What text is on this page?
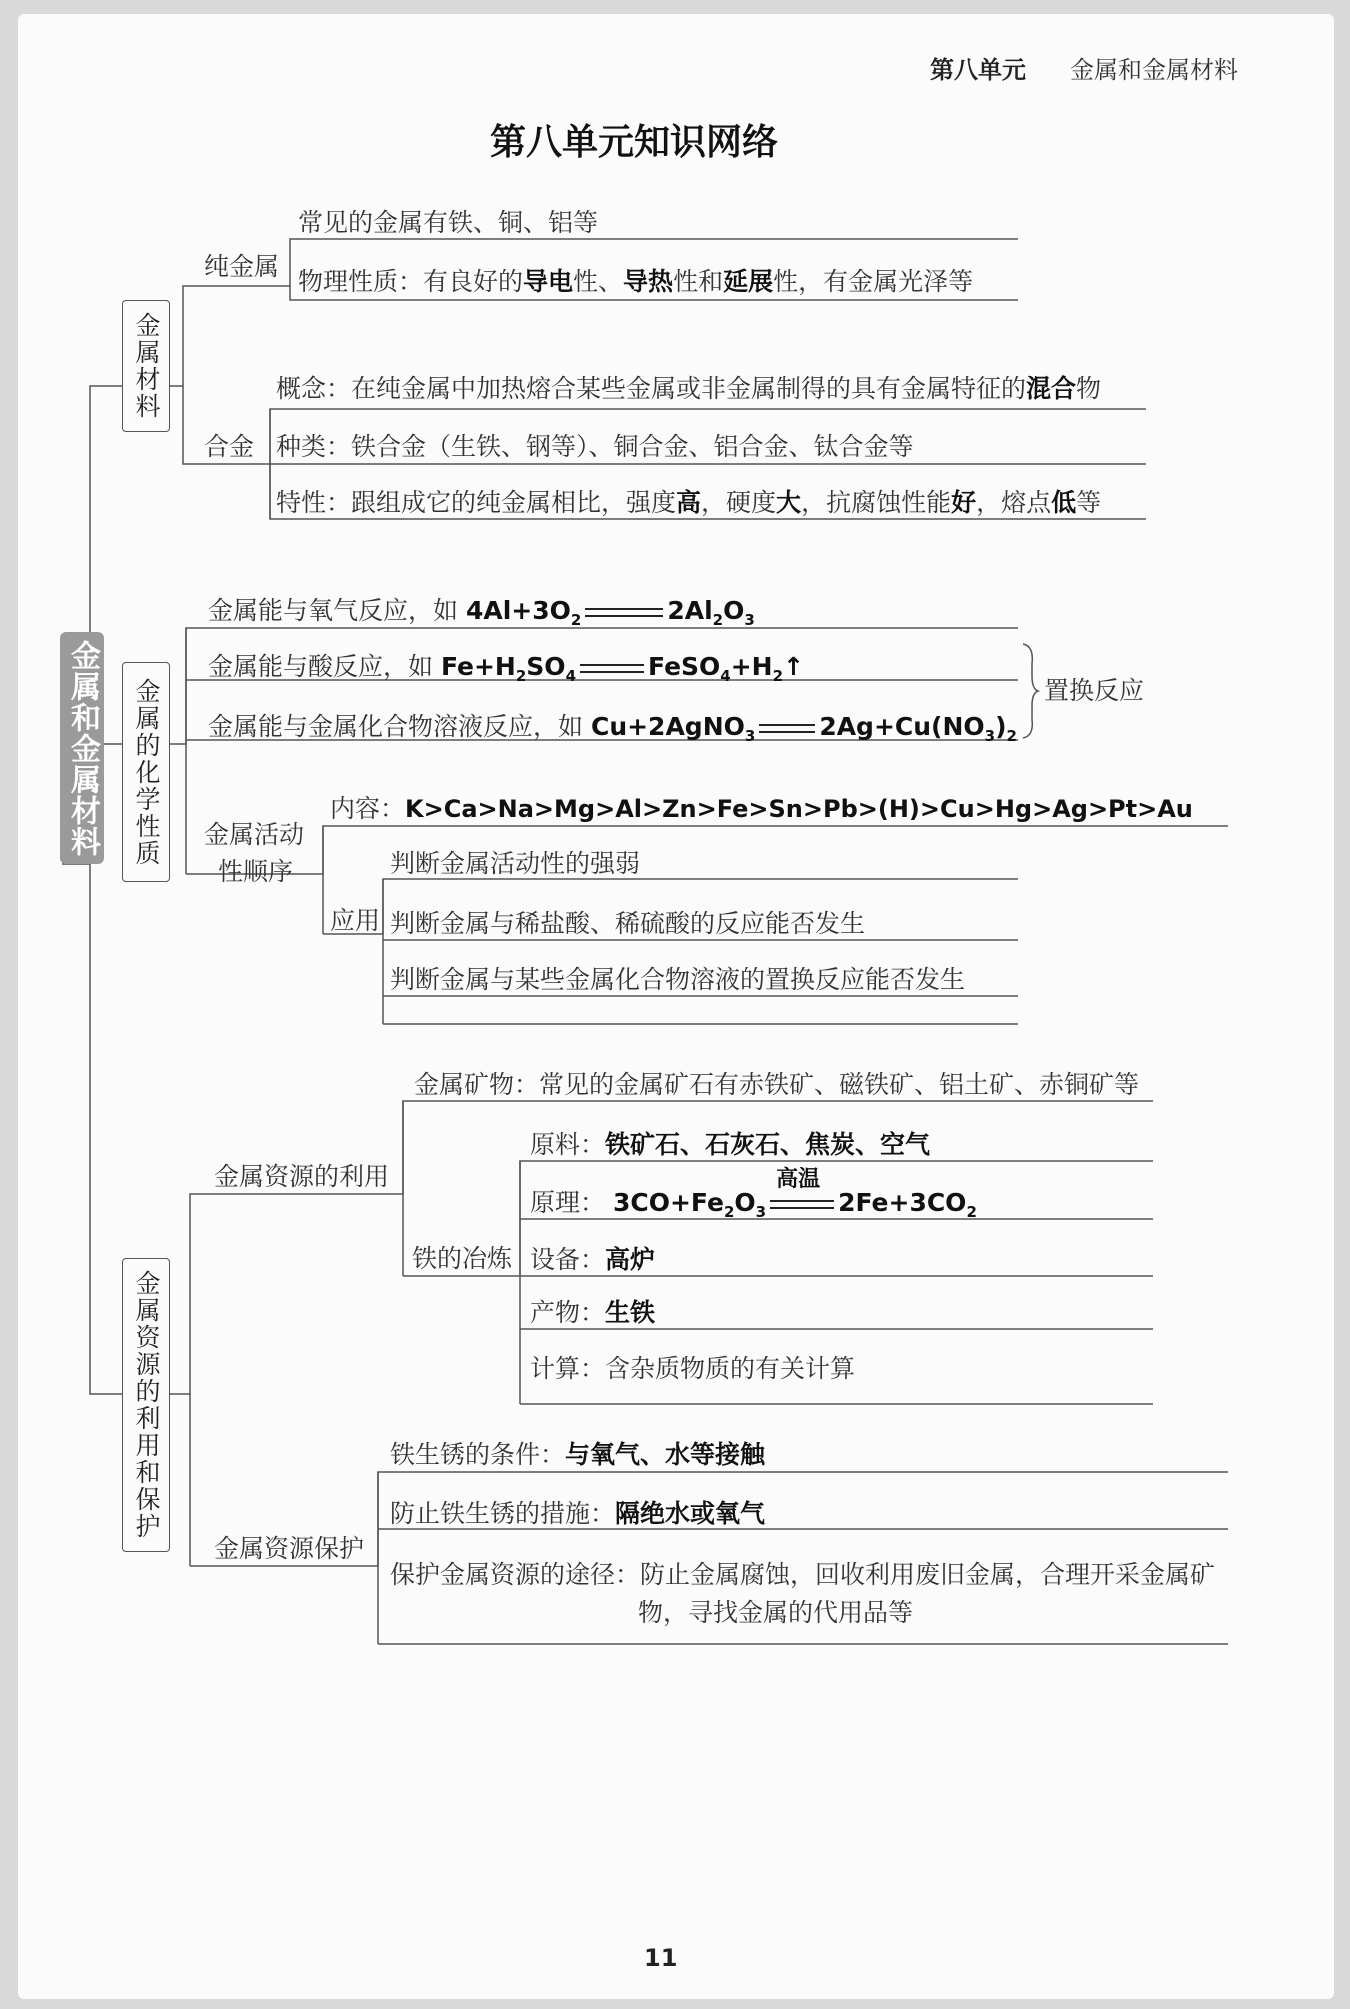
第八单元 金属和金属材料
第八单元知识网络
金属和金属材料
金属材料
纯金属
常见的金属有铁、铜、铝等
物理性质：有良好的导电性、导热性和延展性，有金属光泽等
合金
概念：在纯金属中加热熔合某些金属或非金属制得的具有金属特征的混合物
种类：铁合金（生铁、钢等）、铜合金、铝合金、钛合金等
特性：跟组成它的纯金属相比，强度高，硬度大，抗腐蚀性能好，熔点低等
金属的化学性质
金属能与氧气反应，如 $4Al+3O_2$	$2Al_2O_3$
金属能与酸反应，如 $Fe+H_2SO_4$	$FeSO_4+H_2↑$
金属能与金属化合物溶液反应，如 Cu+2AgNO$_3$	$2Ag+Cu(NO_3)_2$
置换反应
金属活动
性顺序
内容：K>Ca>Na>Mg>Al>Zn>Fe>Sn>Pb>(H)>Cu>Hg>Ag>Pt>Au
应用
判断金属活动性的强弱
判断金属与稀盐酸、稀硫酸的反应能否发生
判断金属与某些金属化合物溶液的置换反应能否发生
金属资源的利用和保护
金属资源的利用
金属矿物：常见的金属矿石有赤铁矿、磁铁矿、铝土矿、赤铜矿等
铁的冶炼
原料：铁矿石、石灰石、焦炭、空气
原理： $3CO+Fe_2O_3$
高温
$2Fe+3CO_2$
设备：高炉
产物：生铁
计算：含杂质物质的有关计算
金属资源保护
铁生锈的条件：与氧气、水等接触
防止铁生锈的措施：隔绝水或氧气
保护金属资源的途径：防止金属腐蚀，回收利用废旧金属，合理开采金属矿
物，寻找金属的代用品等
11
